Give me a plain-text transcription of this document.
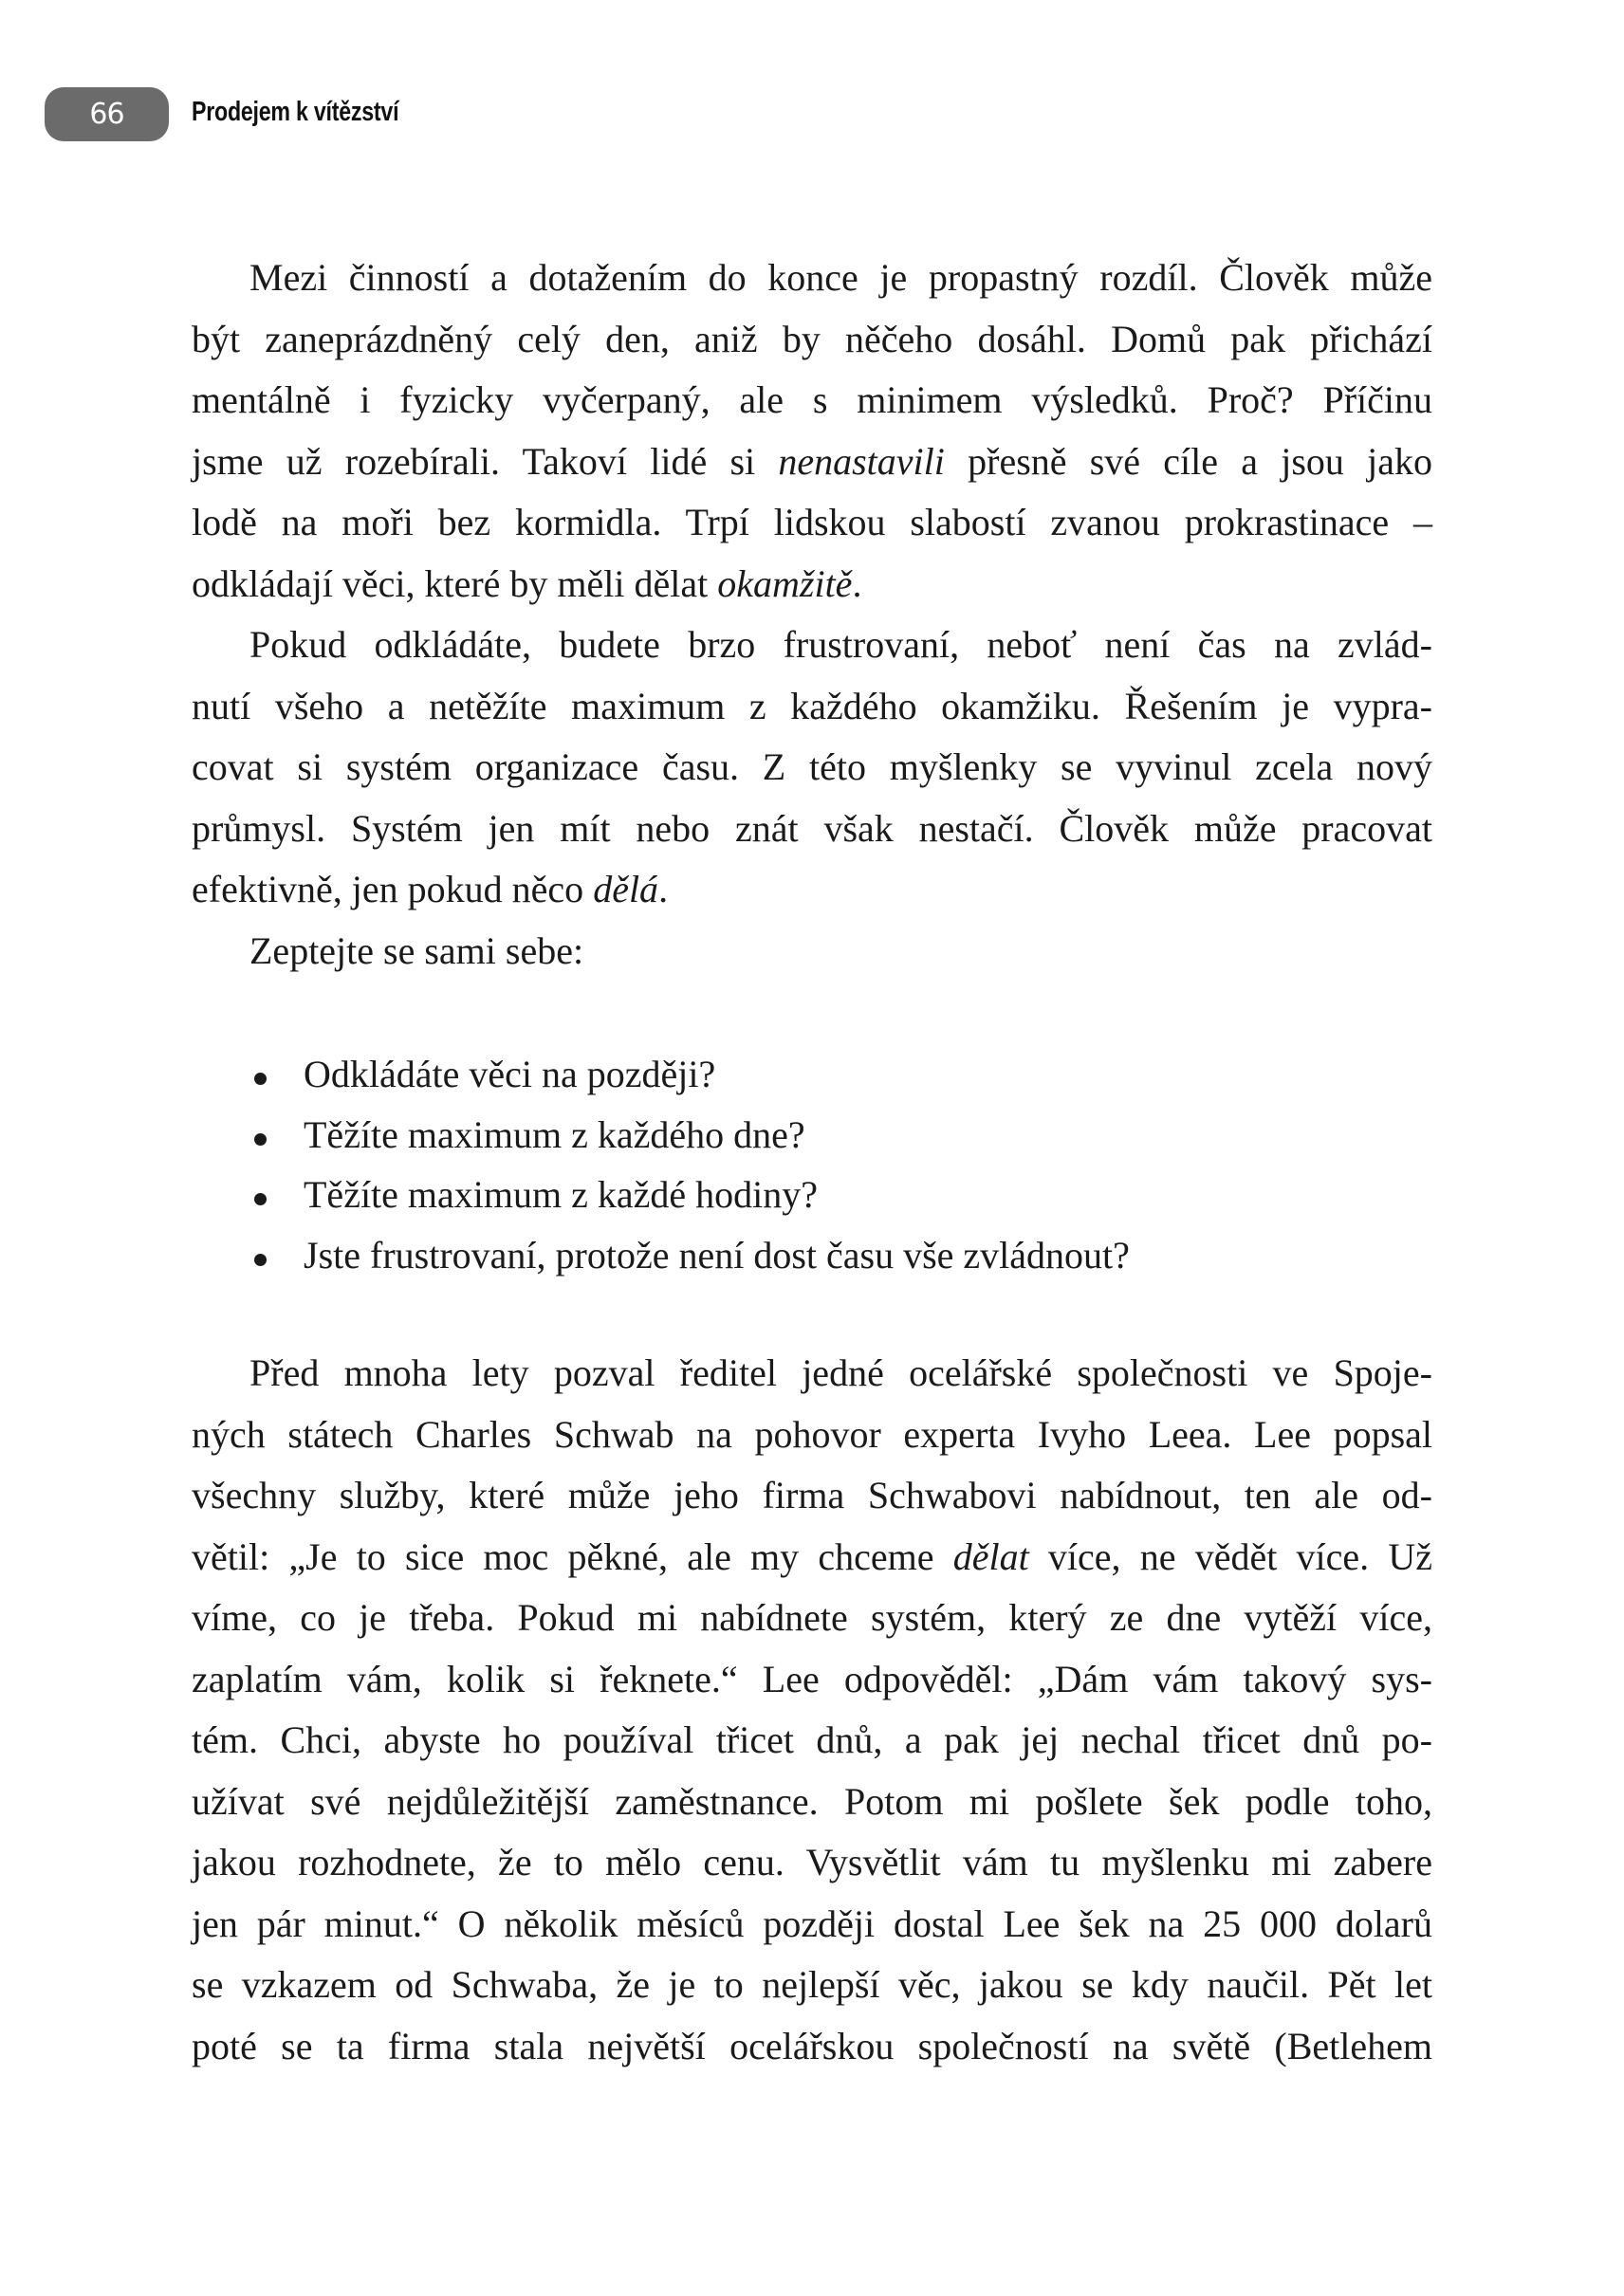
66 Prodejem k vítězství
Mezi činností a dotažením do konce je propastný rozdíl. Člověk může
být zaneprázdněný celý den, aniž by něčeho dosáhl. Domů pak přichází
mentálně i fyzicky vyčerpaný, ale s minimem výsledků. Proč? Příčinu
jsme už rozebírali. Takoví lidé si nenastavili přesně své cíle a jsou jako
lodě na moři bez kormidla. Trpí lidskou slabostí zvanou prokrastinace –
odkládají věci, které by měli dělat okamžitě.
Pokud odkládáte, budete brzo frustrovaní, neboť není čas na zvlád-
nutí všeho a netěžíte maximum z každého okamžiku. Řešením je vypra-
covat si systém organizace času. Z této myšlenky se vyvinul zcela nový
průmysl. Systém jen mít nebo znát však nestačí. Člověk může pracovat
efektivně, jen pokud něco dělá.
Zeptejte se sami sebe:
Odkládáte věci na později?
Těžíte maximum z každého dne?
Těžíte maximum z každé hodiny?
Jste frustrovaní, protože není dost času vše zvládnout?
Před mnoha lety pozval ředitel jedné ocelářské společnosti ve Spoje-
ných státech Charles Schwab na pohovor experta Ivyho Leea. Lee popsal
všechny služby, které může jeho firma Schwabovi nabídnout, ten ale od-
větil: „Je to sice moc pěkné, ale my chceme dělat více, ne vědět více. Už
víme, co je třeba. Pokud mi nabídnete systém, který ze dne vytěží více,
zaplatím vám, kolik si řeknete.“ Lee odpověděl: „Dám vám takový sys-
tém. Chci, abyste ho používal třicet dnů, a pak jej nechal třicet dnů po-
užívat své nejdůležitější zaměstnance. Potom mi pošlete šek podle toho,
jakou rozhodnete, že to mělo cenu. Vysvětlit vám tu myšlenku mi zabere
jen pár minut.“ O několik měsíců později dostal Lee šek na 25 000 dolarů
se vzkazem od Schwaba, že je to nejlepší věc, jakou se kdy naučil. Pět let
poté se ta firma stala největší ocelářskou společností na světě (Betlehem
